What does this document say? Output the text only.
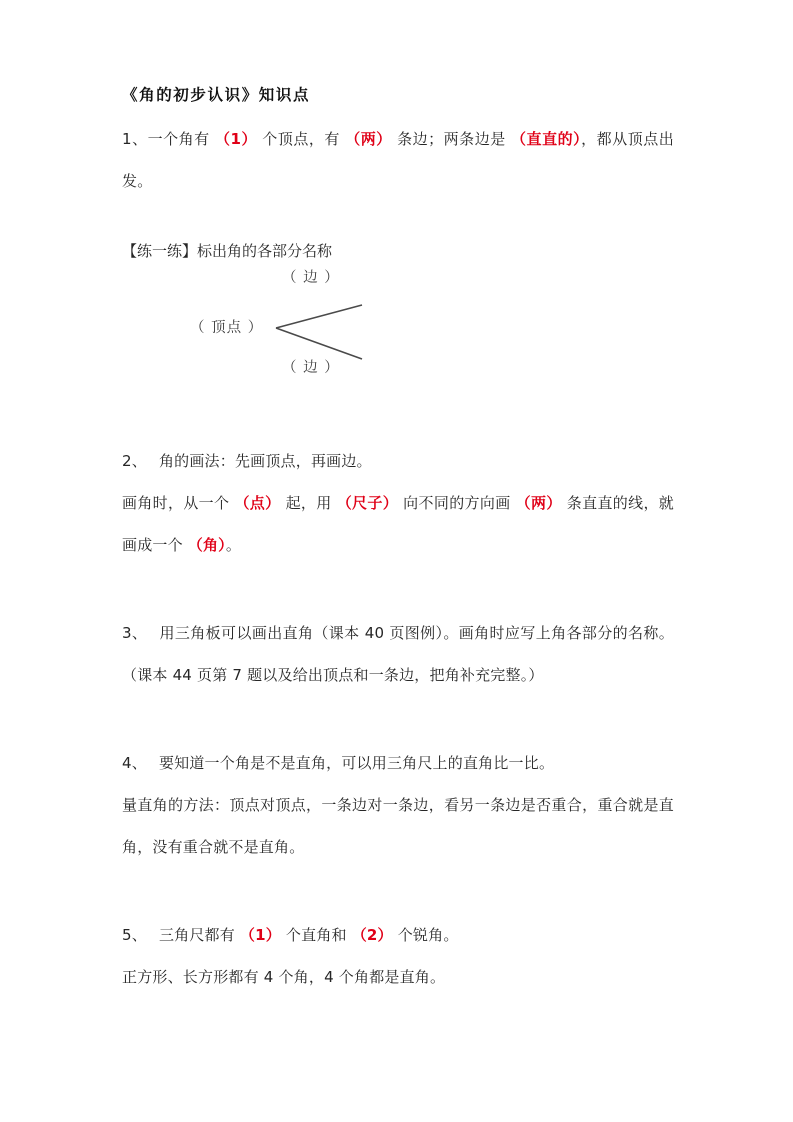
《角的初步认识》知识点

1、一个角有 （1） 个顶点，有 （两） 条边；两条边是 （直直的），都从顶点出发。

【练一练】标出角的各部分名称

（ 顶点 ）
（ 边 ）
（ 边 ）

2、 角的画法：先画顶点，再画边。

画角时，从一个 （点） 起，用 （尺子） 向不同的方向画 （两） 条直直的线，就画成一个 （角）。

3、 用三角板可以画出直角（课本 40 页图例）。画角时应写上角各部分的名称。（课本 44 页第 7 题以及给出顶点和一条边，把角补充完整。）

4、 要知道一个角是不是直角，可以用三角尺上的直角比一比。

量直角的方法：顶点对顶点，一条边对一条边，看另一条边是否重合，重合就是直角，没有重合就不是直角。

5、 三角尺都有 （1） 个直角和 （2） 个锐角。

正方形、长方形都有 4 个角，4 个角都是直角。
